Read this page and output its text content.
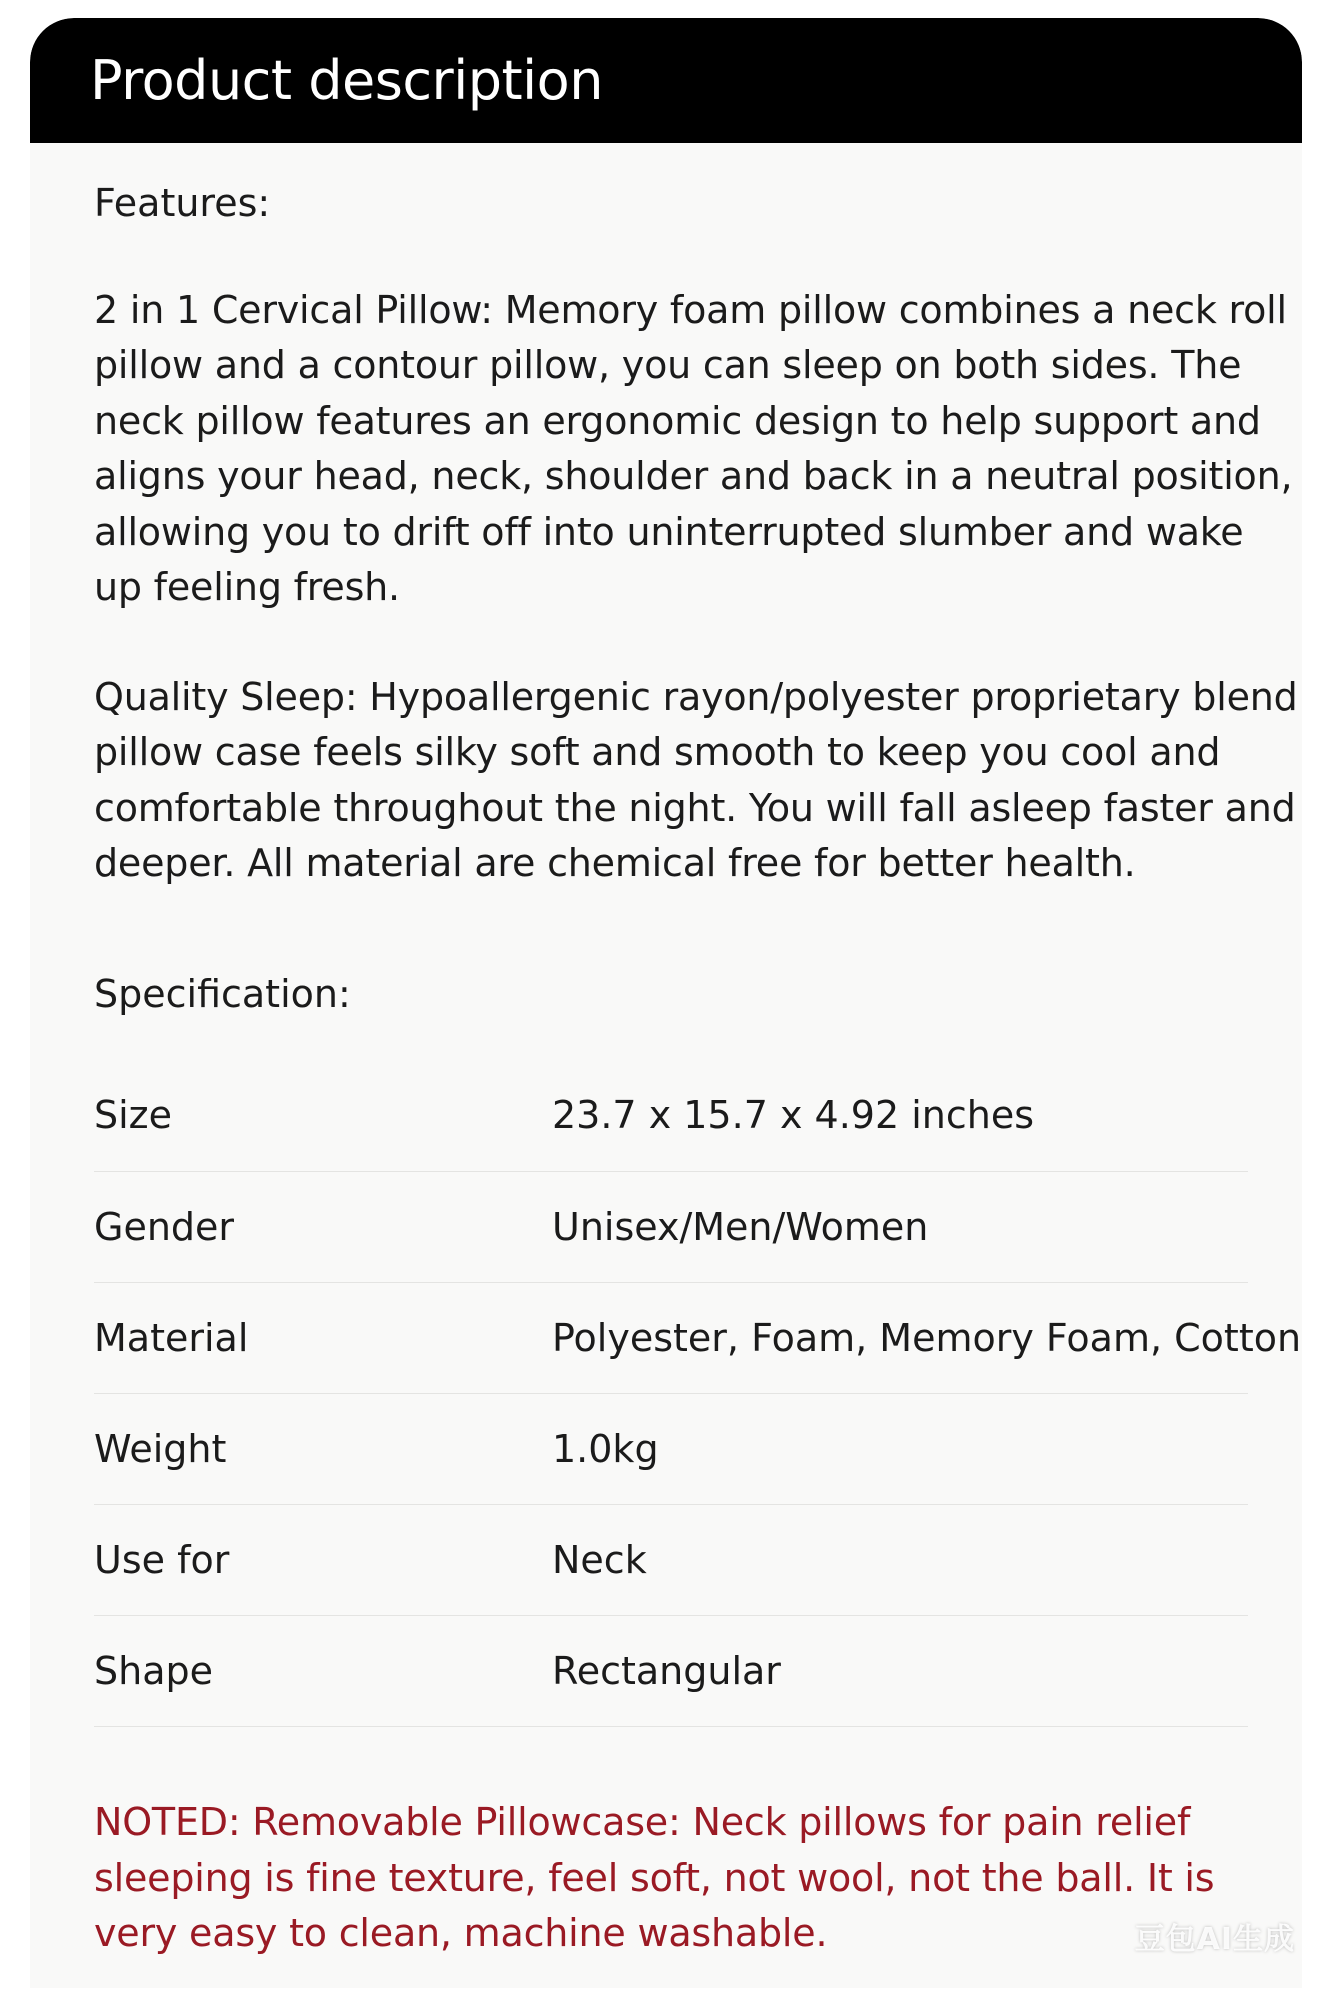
Product description

Features:

2 in 1 Cervical Pillow: Memory foam pillow combines a neck roll pillow and a contour pillow, you can sleep on both sides. The neck pillow features an ergonomic design to help support and aligns your head, neck, shoulder and back in a neutral position, allowing you to drift off into uninterrupted slumber and wake up feeling fresh.

Quality Sleep: Hypoallergenic rayon/polyester proprietary blend pillow case feels silky soft and smooth to keep you cool and comfortable throughout the night. You will fall asleep faster and deeper. All material are chemical free for better health.

Specification:

Size	23.7 x 15.7 x 4.92 inches
Gender	Unisex/Men/Women
Material	Polyester, Foam, Memory Foam, Cotton
Weight	1.0kg
Use for	Neck
Shape	Rectangular

NOTED: Removable Pillowcase: Neck pillows for pain relief sleeping is fine texture, feel soft, not wool, not the ball. It is very easy to clean, machine washable.	豆包AI生成
